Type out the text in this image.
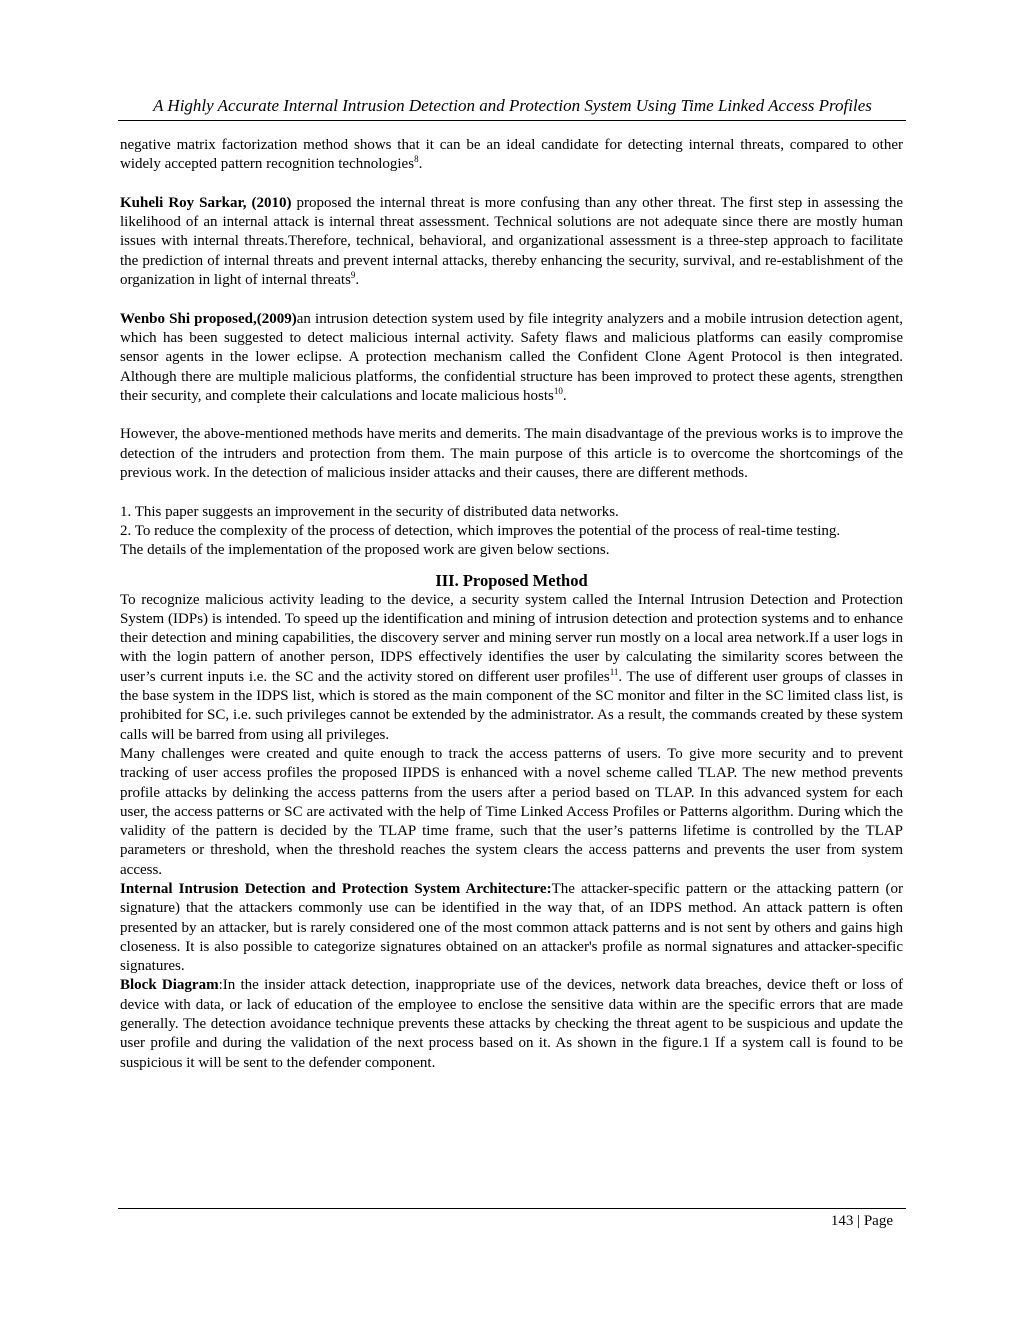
A Highly Accurate Internal Intrusion Detection and Protection System Using Time Linked Access Profiles

negative matrix factorization method shows that it can be an ideal candidate for detecting internal threats, compared to other widely accepted pattern recognition technologies$^8$.

Kuheli Roy Sarkar, (2010) proposed the internal threat is more confusing than any other threat. The first step in assessing the likelihood of an internal attack is internal threat assessment. Technical solutions are not adequate since there are mostly human issues with internal threats.Therefore, technical, behavioral, and organizational assessment is a three-step approach to facilitate the prediction of internal threats and prevent internal attacks, thereby enhancing the security, survival, and re-establishment of the organization in light of internal threats$^9$.

Wenbo Shi proposed,(2009)an intrusion detection system used by file integrity analyzers and a mobile intrusion detection agent, which has been suggested to detect malicious internal activity. Safety flaws and malicious platforms can easily compromise sensor agents in the lower eclipse. A protection mechanism called the Confident Clone Agent Protocol is then integrated. Although there are multiple malicious platforms, the confidential structure has been improved to protect these agents, strengthen their security, and complete their calculations and locate malicious hosts$^{10}$.

However, the above-mentioned methods have merits and demerits. The main disadvantage of the previous works is to improve the detection of the intruders and protection from them. The main purpose of this article is to overcome the shortcomings of the previous work. In the detection of malicious insider attacks and their causes, there are different methods.

1. This paper suggests an improvement in the security of distributed data networks.

2. To reduce the complexity of the process of detection, which improves the potential of the process of real-time testing.

The details of the implementation of the proposed work are given below sections.

III. Proposed Method

To recognize malicious activity leading to the device, a security system called the Internal Intrusion Detection and Protection System (IDPs) is intended. To speed up the identification and mining of intrusion detection and protection systems and to enhance their detection and mining capabilities, the discovery server and mining server run mostly on a local area network.If a user logs in with the login pattern of another person, IDPS effectively identifies the user by calculating the similarity scores between the user’s current inputs i.e. the SC and the activity stored on different user profiles$^{11}$. The use of different user groups of classes in the base system in the IDPS list, which is stored as the main component of the SC monitor and filter in the SC limited class list, is prohibited for SC, i.e. such privileges cannot be extended by the administrator. As a result, the commands created by these system calls will be barred from using all privileges.

Many challenges were created and quite enough to track the access patterns of users. To give more security and to prevent tracking of user access profiles the proposed IIPDS is enhanced with a novel scheme called TLAP. The new method prevents profile attacks by delinking the access patterns from the users after a period based on TLAP. In this advanced system for each user, the access patterns or SC are activated with the help of Time Linked Access Profiles or Patterns algorithm. During which the validity of the pattern is decided by the TLAP time frame, such that the user’s patterns lifetime is controlled by the TLAP parameters or threshold, when the threshold reaches the system clears the access patterns and prevents the user from system access.

Internal Intrusion Detection and Protection System Architecture:The attacker-specific pattern or the attacking pattern (or signature) that the attackers commonly use can be identified in the way that, of an IDPS method. An attack pattern is often presented by an attacker, but is rarely considered one of the most common attack patterns and is not sent by others and gains high closeness. It is also possible to categorize signatures obtained on an attacker's profile as normal signatures and attacker-specific signatures.

Block Diagram:In the insider attack detection, inappropriate use of the devices, network data breaches, device theft or loss of device with data, or lack of education of the employee to enclose the sensitive data within are the specific errors that are made generally. The detection avoidance technique prevents these attacks by checking the threat agent to be suspicious and update the user profile and during the validation of the next process based on it. As shown in the figure.1 If a system call is found to be suspicious it will be sent to the defender component.

143 | Page
